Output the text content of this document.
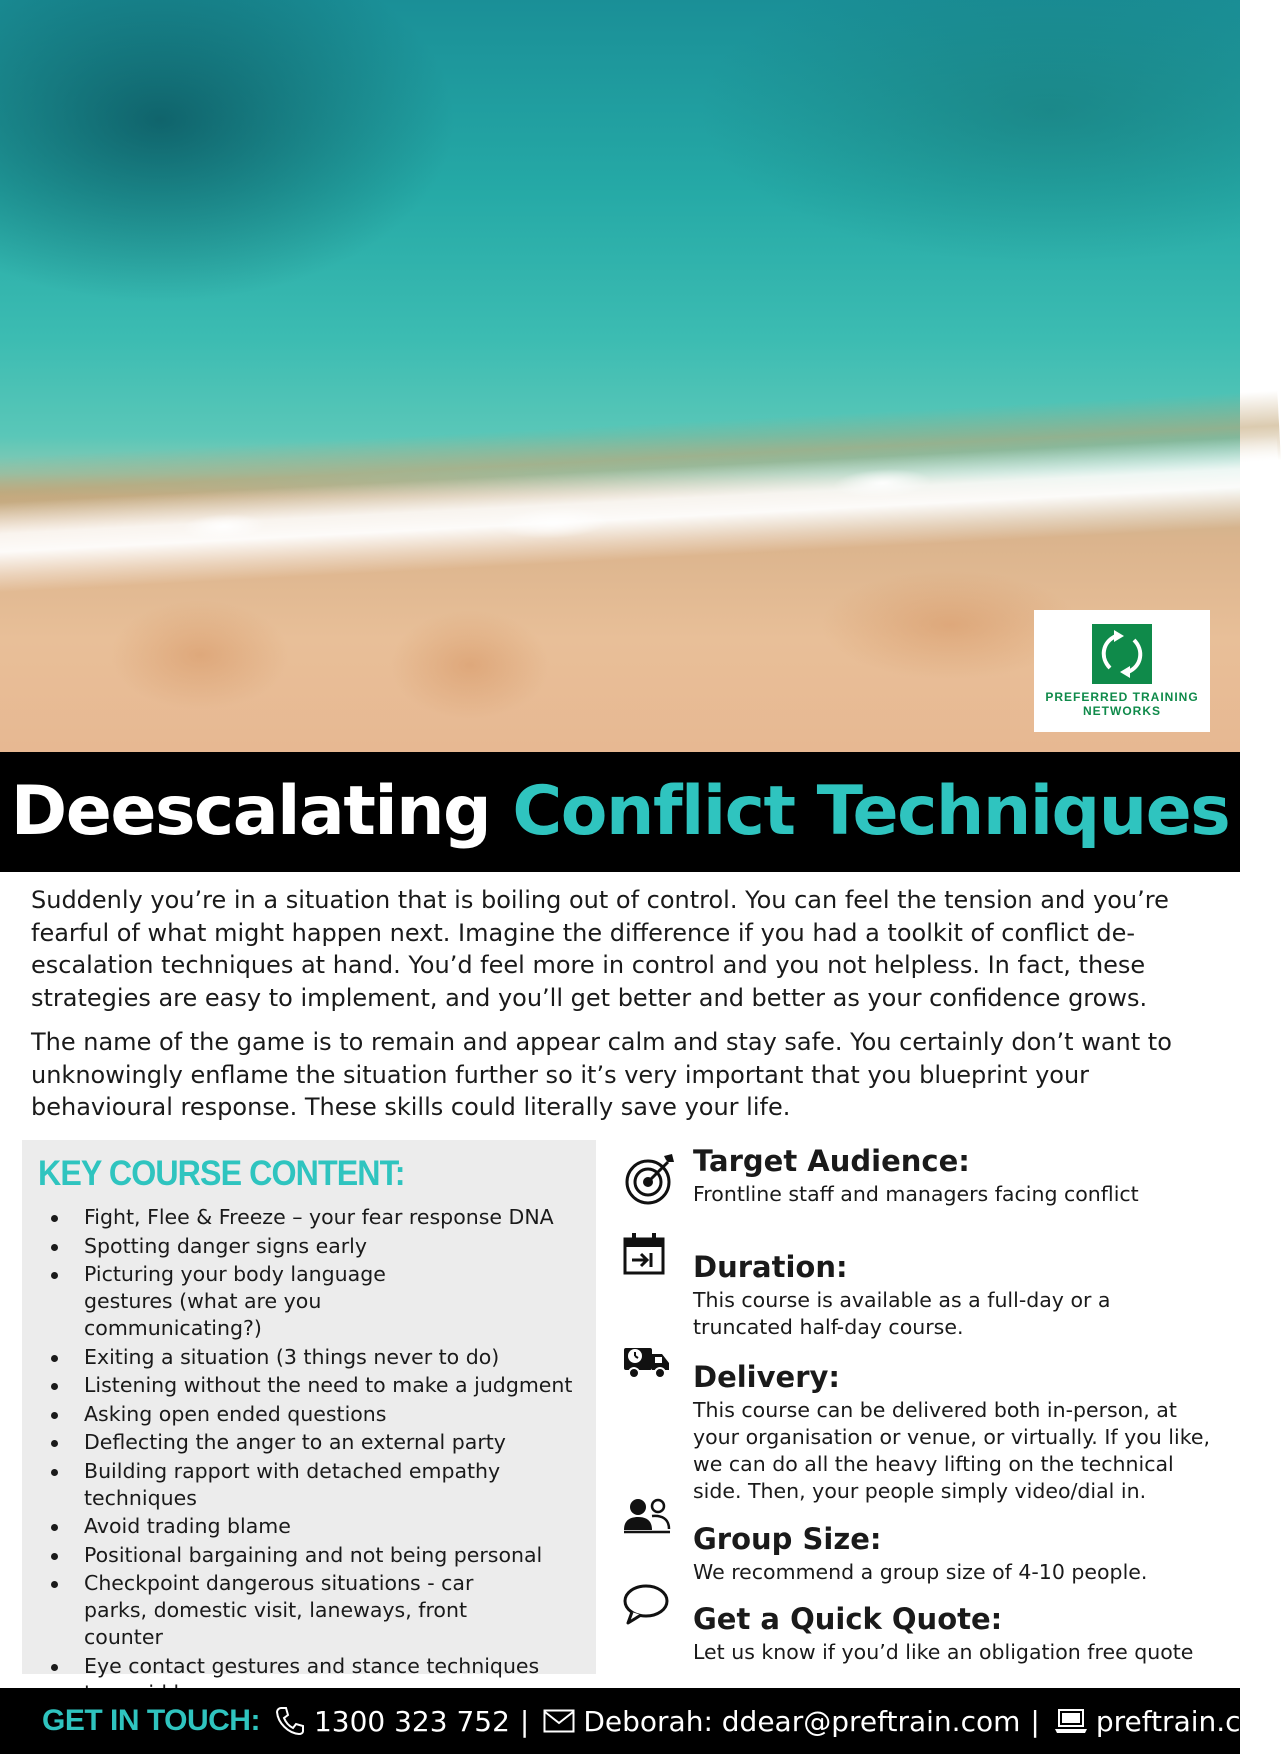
PREFERRED TRAINING
NETWORKS
Deescalating Conflict Techniques

Suddenly you’re in a situation that is boiling out of control. You can feel the tension and you’re fearful of what might happen next. Imagine the difference if you had a toolkit of conflict de-escalation techniques at hand. You’d feel more in control and you not helpless. In fact, these strategies are easy to implement, and you’ll get better and better as your confidence grows.

The name of the game is to remain and appear calm and stay safe. You certainly don’t want to unknowingly enflame the situation further so it’s very important that you blueprint your behavioural response. These skills could literally save your life.

KEY COURSE CONTENT:
Fight, Flee & Freeze – your fear response DNA
Spotting danger signs early
Picturing your body language gestures (what are you communicating?)
Exiting a situation (3 things never to do)
Listening without the need to make a judgment
Asking open ended questions
Deflecting the anger to an external party
Building rapport with detached empathy techniques
Avoid trading blame
Positional bargaining and not being personal
Checkpoint dangerous situations - car parks, domestic visit, laneways, front counter
Eye contact gestures and stance techniques
Target Audience:

Frontline staff and managers facing conflict

Duration:

This course is available as a full-day or a truncated half-day course.

Delivery:

This course can be delivered both in-person, at your organisation or venue, or virtually. If you like, we can do all the heavy lifting on the technical side. Then, your people simply video/dial in.

Group Size:

We recommend a group size of 4-10 people.

Get a Quick Quote:

Let us know if you’d like an obligation free quote

GET IN TOUCH: 1300 323 752 | Deborah: ddear@preftrain.com | preftrain.com
